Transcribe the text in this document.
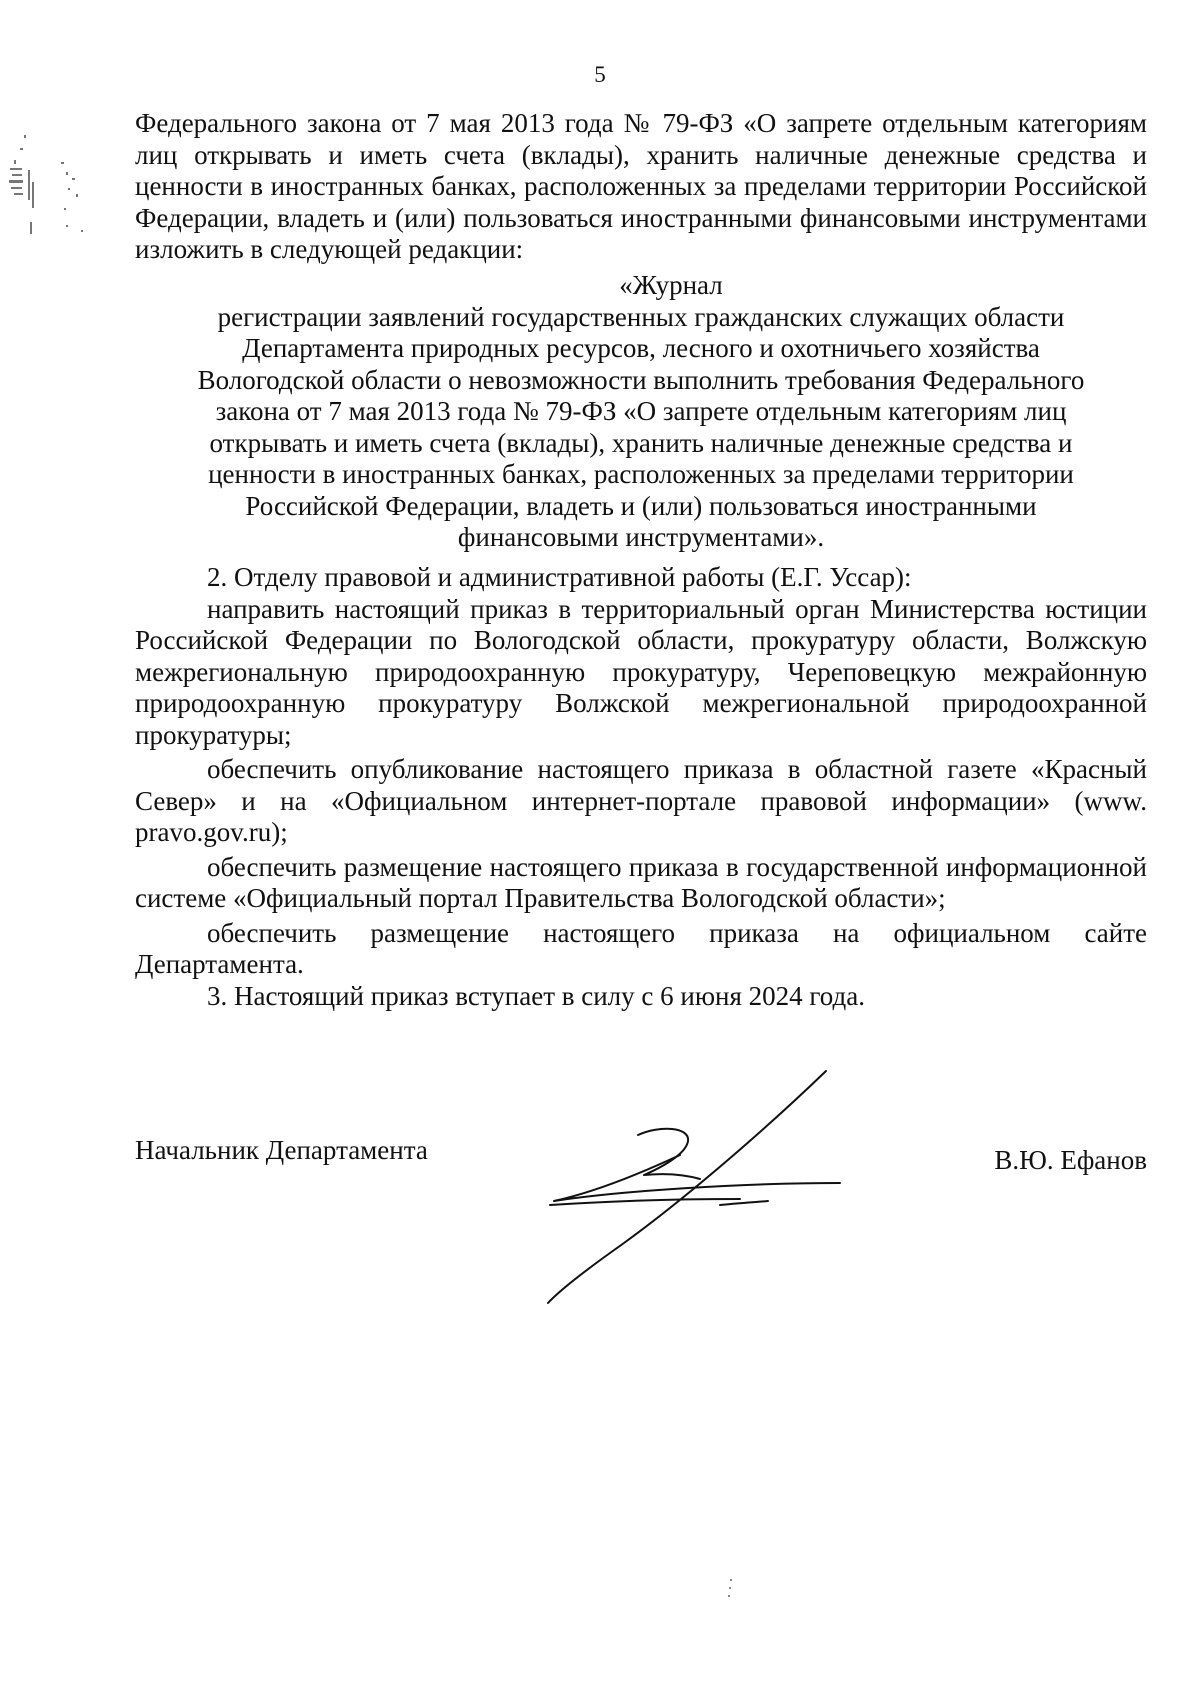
5
Федерального закона от 7 мая 2013 года № 79-ФЗ «О запрете отдельным категориям лиц открывать и иметь счета (вклады), хранить наличные денежные средства и ценности в иностранных банках, расположенных за пределами территории Российской Федерации, владеть и (или) пользоваться иностранными финансовыми инструментами изложить в следующей редакции:
«Журнал
регистрации заявлений государственных гражданских служащих области
Департамента природных ресурсов, лесного и охотничьего хозяйства
Вологодской области о невозможности выполнить требования Федерального
закона от 7 мая 2013 года № 79-ФЗ «О запрете отдельным категориям лиц
открывать и иметь счета (вклады), хранить наличные денежные средства и
ценности в иностранных банках, расположенных за пределами территории
Российской Федерации, владеть и (или) пользоваться иностранными
финансовыми инструментами».

2. Отделу правовой и административной работы (Е.Г. Уссар):

направить настоящий приказ в территориальный орган Министерства юстиции Российской Федерации по Вологодской области, прокуратуру области, Волжскую межрегиональную природоохранную прокуратуру, Череповецкую межрайонную природоохранную прокуратуру Волжской межрегиональной природоохранной прокуратуры;

обеспечить опубликование настоящего приказа в областной газете «Красный Север» и на «Официальном интернет-портале правовой информации» (www. pravo.gov.ru);

обеспечить размещение настоящего приказа в государственной информационной системе «Официальный портал Правительства Вологодской области»;

обеспечить размещение настоящего приказа на официальном сайте Департамента.

3. Настоящий приказ вступает в силу с 6 июня 2024 года.

Начальник Департамента	В.Ю. Ефанов
